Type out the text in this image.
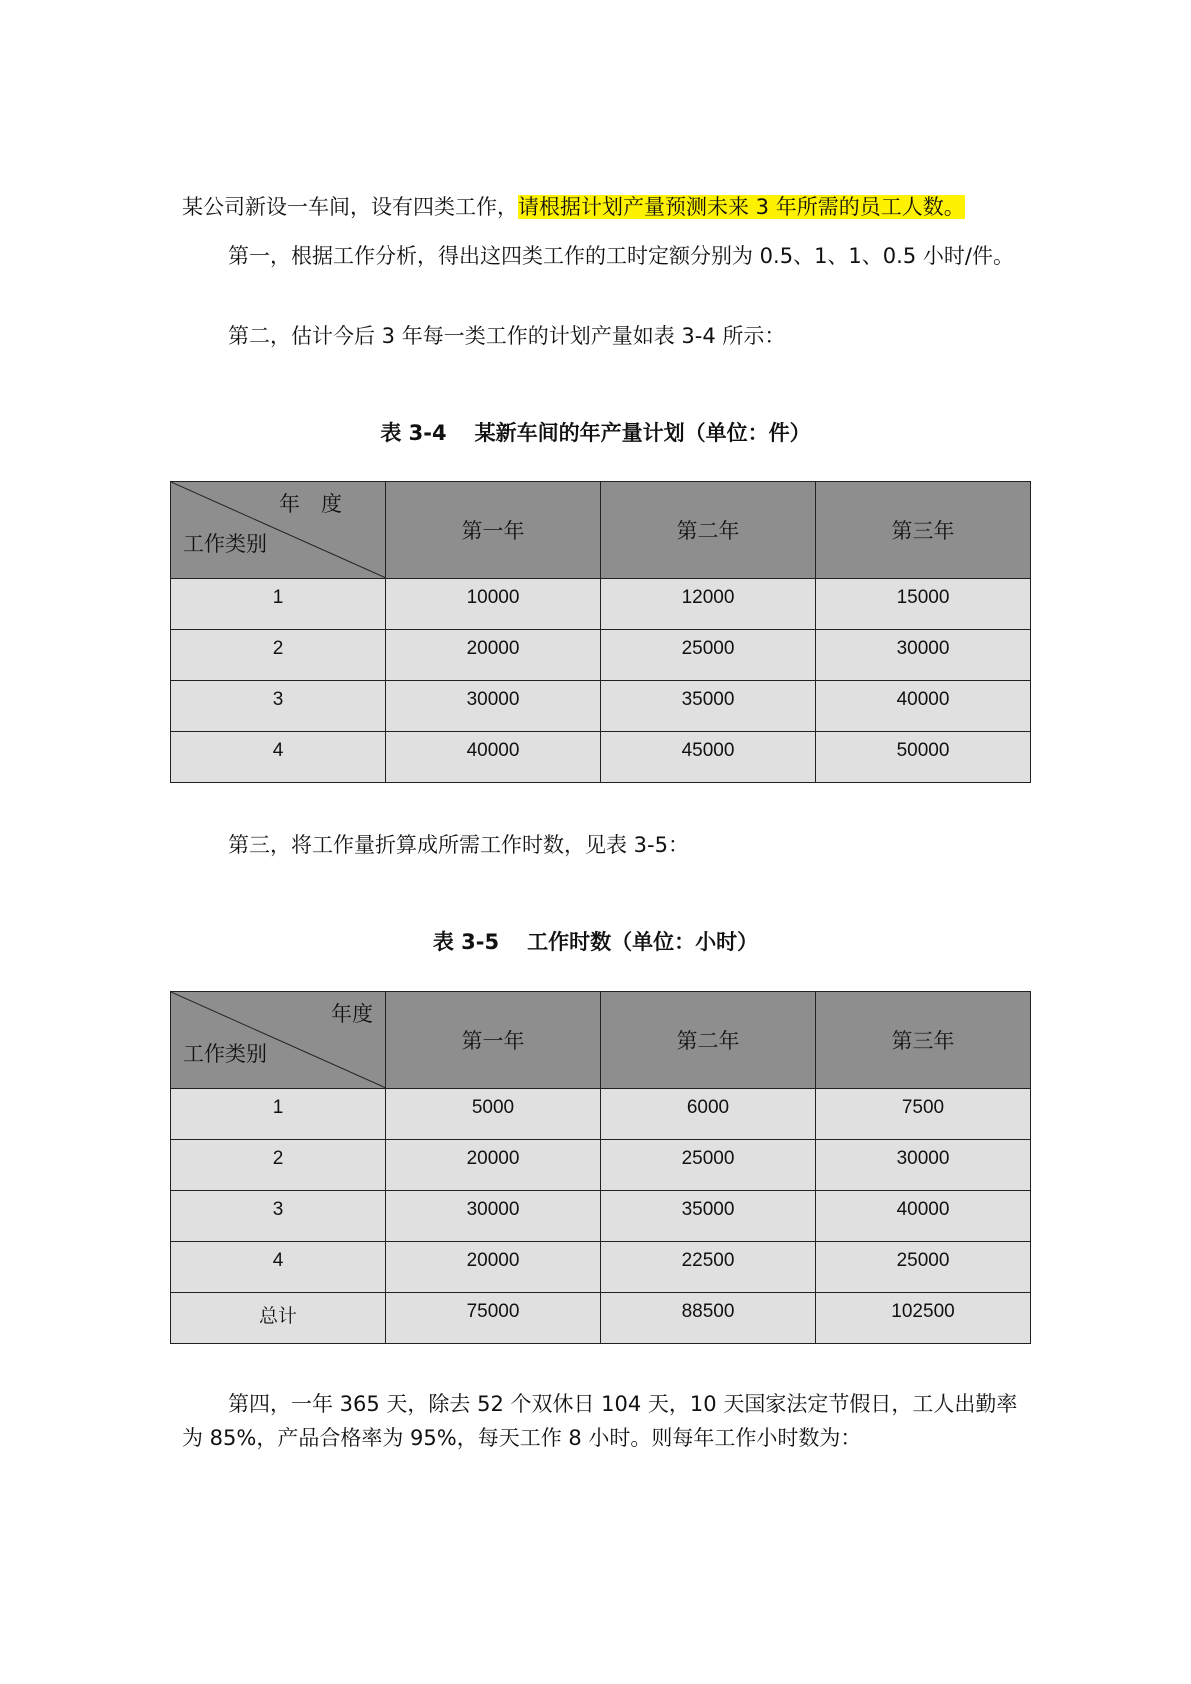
某公司新设一车间，设有四类工作，请根据计划产量预测未来 3 年所需的员工人数。

第一，根据工作分析，得出这四类工作的工时定额分别为 0.5、1、1、0.5 小时/件。

第二，估计今后 3 年每一类工作的计划产量如表 3-4 所示：

表 3-4 某新车间的年产量计划（单位：件）

年　度
工作类别	第一年	第二年	第三年
1	10000	12000	15000
2	20000	25000	30000
3	30000	35000	40000
4	40000	45000	50000

第三，将工作量折算成所需工作时数，见表 3-5：

表 3-5 工作时数（单位：小时）

年度
工作类别	第一年	第二年	第三年
1	5000	6000	7500
2	20000	25000	30000
3	30000	35000	40000
4	20000	22500	25000
总计	75000	88500	102500

第四，一年 365 天，除去 52 个双休日 104 天，10 天国家法定节假日，工人出勤率为 85%，产品合格率为 95%，每天工作 8 小时。则每年工作小时数为：
